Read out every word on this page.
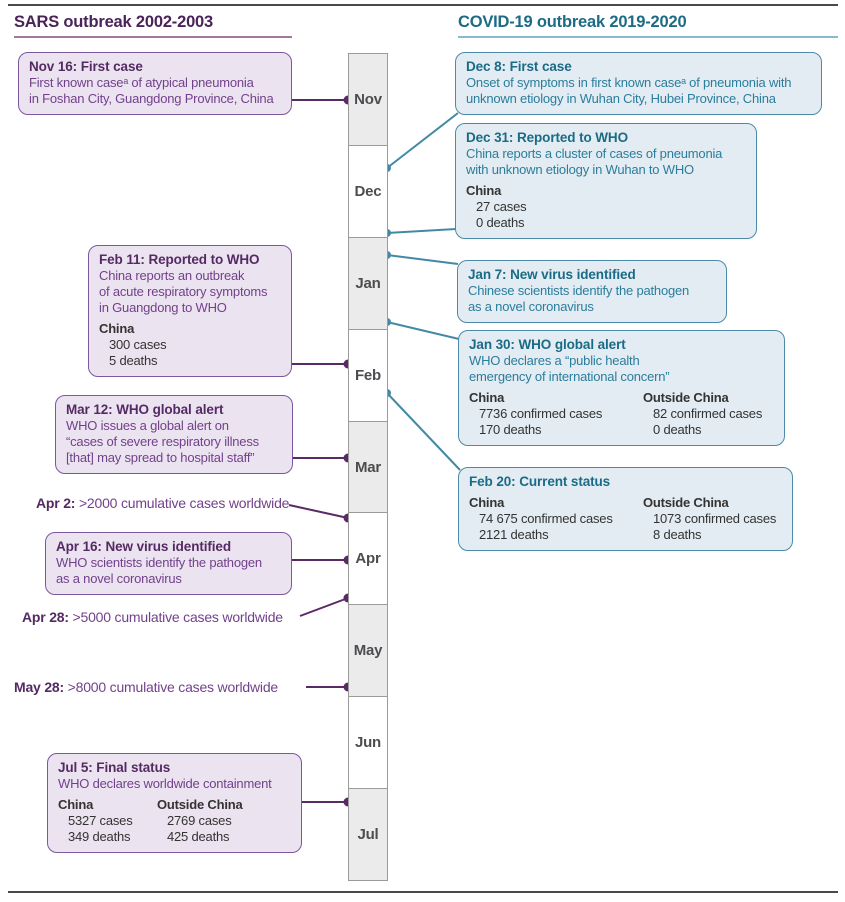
SARS outbreak 2002-2003	COVID-19 outbreak 2019-2020
Nov
Dec
Jan
Feb
Mar
Apr
May
Jun
Jul
Nov 16: First case
First known caseᵃ of atypical pneumonia
in Foshan City, Guangdong Province, China
Feb 11: Reported to WHO
China reports an outbreak
of acute respiratory symptoms
in Guangdong to WHO
China
300 cases
5 deaths
Mar 12: WHO global alert
WHO issues a global alert on
“cases of severe respiratory illness
[that] may spread to hospital staff”
Apr 2: >2000 cumulative cases worldwide
Apr 16: New virus identified
WHO scientists identify the pathogen
as a novel coronavirus
Apr 28: >5000 cumulative cases worldwide
May 28: >8000 cumulative cases worldwide
Jul 5: Final status
WHO declares worldwide containment
China
5327 cases
349 deaths
Outside China
2769 cases
425 deaths
Dec 8: First case
Onset of symptoms in first known caseᵃ of pneumonia with
unknown etiology in Wuhan City, Hubei Province, China
Dec 31: Reported to WHO
China reports a cluster of cases of pneumonia
with unknown etiology in Wuhan to WHO
China
27 cases
0 deaths
Jan 7: New virus identified
Chinese scientists identify the pathogen
as a novel coronavirus
Jan 30: WHO global alert
WHO declares a “public health
emergency of international concern”
China
7736 confirmed cases
170 deaths
Outside China
82 confirmed cases
0 deaths
Feb 20: Current status
China
74 675 confirmed cases
2121 deaths
Outside China
1073 confirmed cases
8 deaths
